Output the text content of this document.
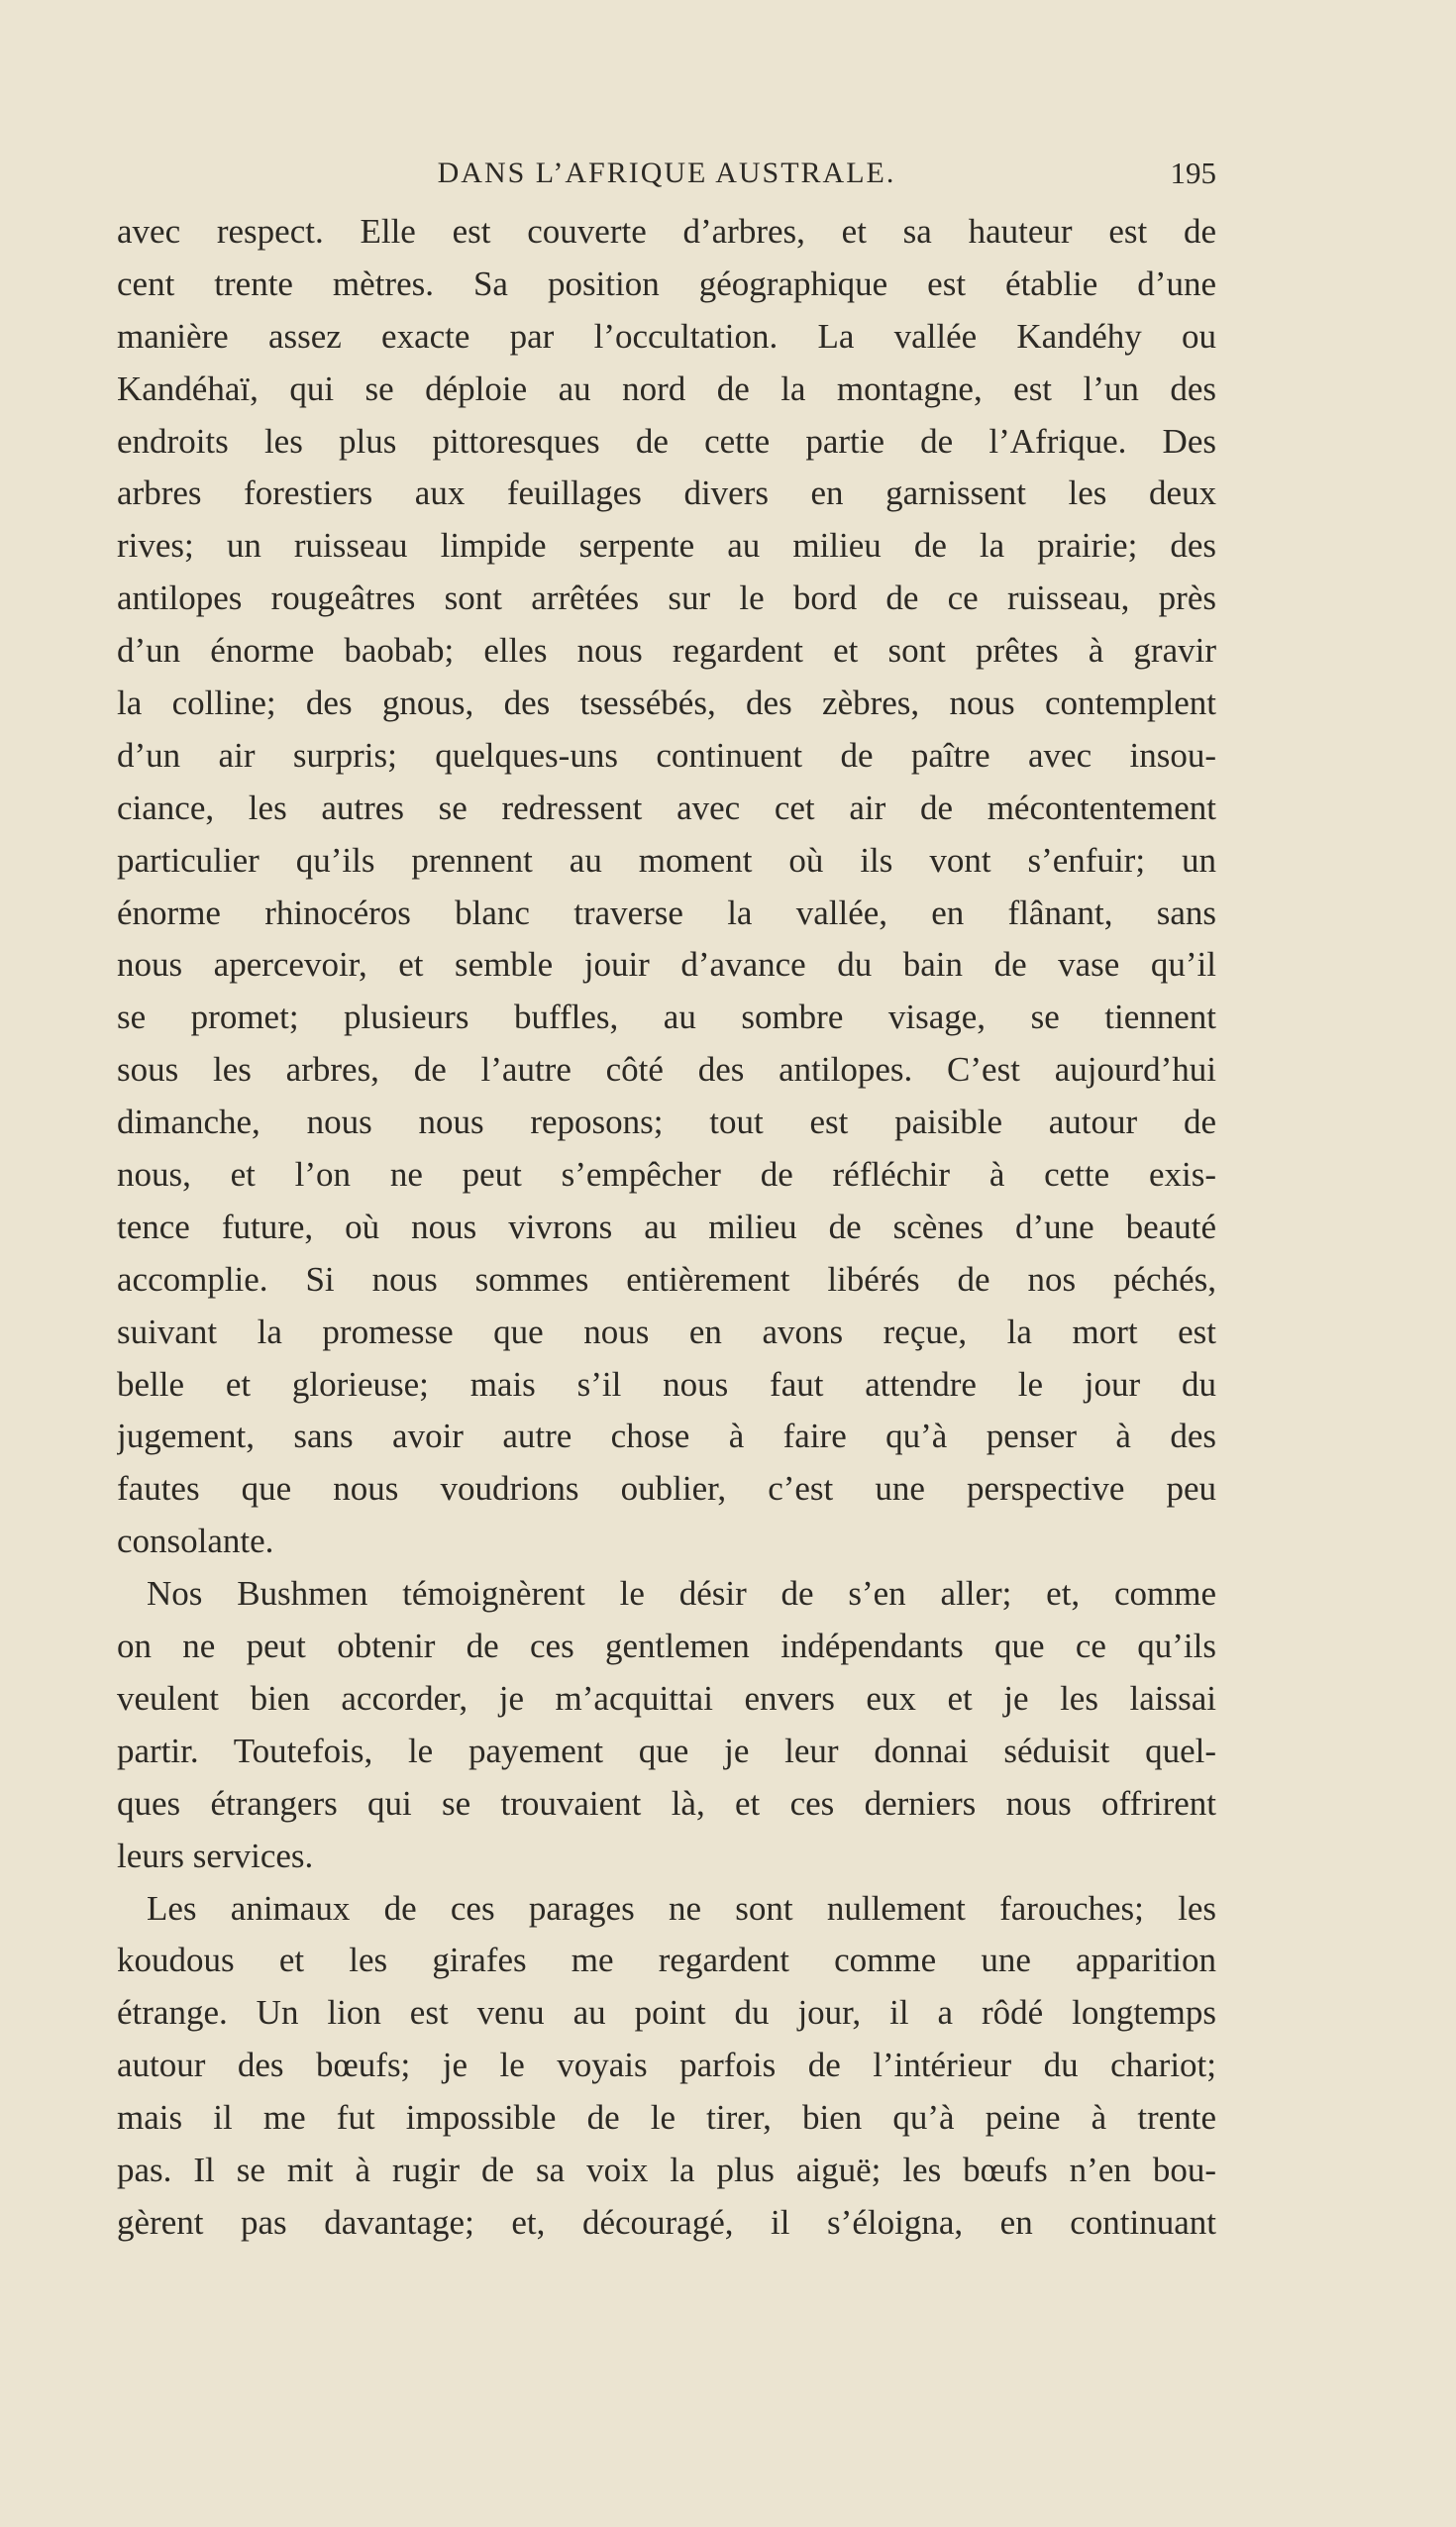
DANS L’AFRIQUE AUSTRALE.	195
avec respect. Elle est couverte d’arbres, et sa hauteur est de
cent trente mètres. Sa position géographique est établie d’une
manière assez exacte par l’occultation. La vallée Kandéhy ou
Kandéhaï, qui se déploie au nord de la montagne, est l’un des
endroits les plus pittoresques de cette partie de l’Afrique. Des
arbres forestiers aux feuillages divers en garnissent les deux
rives; un ruisseau limpide serpente au milieu de la prairie; des
antilopes rougeâtres sont arrêtées sur le bord de ce ruisseau, près
d’un énorme baobab; elles nous regardent et sont prêtes à gravir
la colline; des gnous, des tsessébés, des zèbres, nous contemplent
d’un air surpris; quelques-uns continuent de paître avec insou-
ciance, les autres se redressent avec cet air de mécontentement
particulier qu’ils prennent au moment où ils vont s’enfuir; un
énorme rhinocéros blanc traverse la vallée, en flânant, sans
nous apercevoir, et semble jouir d’avance du bain de vase qu’il
se promet; plusieurs buffles, au sombre visage, se tiennent
sous les arbres, de l’autre côté des antilopes. C’est aujourd’hui
dimanche, nous nous reposons; tout est paisible autour de
nous, et l’on ne peut s’empêcher de réfléchir à cette exis-
tence future, où nous vivrons au milieu de scènes d’une beauté
accomplie. Si nous sommes entièrement libérés de nos péchés,
suivant la promesse que nous en avons reçue, la mort est
belle et glorieuse; mais s’il nous faut attendre le jour du
jugement, sans avoir autre chose à faire qu’à penser à des
fautes que nous voudrions oublier, c’est une perspective peu
consolante.
Nos Bushmen témoignèrent le désir de s’en aller; et, comme
on ne peut obtenir de ces gentlemen indépendants que ce qu’ils
veulent bien accorder, je m’acquittai envers eux et je les laissai
partir. Toutefois, le payement que je leur donnai séduisit quel-
ques étrangers qui se trouvaient là, et ces derniers nous offrirent
leurs services.
Les animaux de ces parages ne sont nullement farouches; les
koudous et les girafes me regardent comme une apparition
étrange. Un lion est venu au point du jour, il a rôdé longtemps
autour des bœufs; je le voyais parfois de l’intérieur du chariot;
mais il me fut impossible de le tirer, bien qu’à peine à trente
pas. Il se mit à rugir de sa voix la plus aiguë; les bœufs n’en bou-
gèrent pas davantage; et, découragé, il s’éloigna, en continuant
